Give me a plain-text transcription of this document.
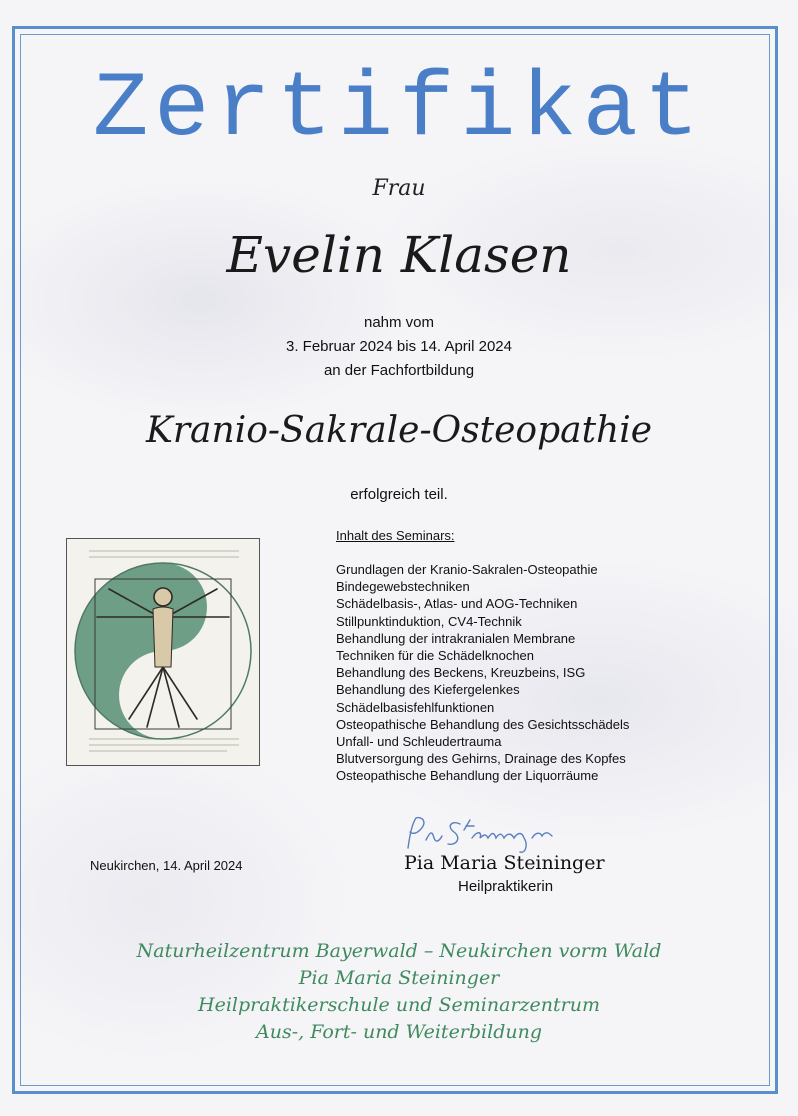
Zertifikat
Frau
Evelin Klasen
nahm vom
3. Februar 2024 bis 14. April 2024
an der Fachfortbildung
Kranio-Sakrale-Osteopathie
erfolgreich teil.
Inhalt des Seminars:
Grundlagen der Kranio-Sakralen-Osteopathie
Bindegewebstechniken
Schädelbasis-, Atlas- und AOG-Techniken
Stillpunktinduktion, CV4-Technik
Behandlung der intrakranialen Membrane
Techniken für die Schädelknochen
Behandlung des Beckens, Kreuzbeins, ISG
Behandlung des Kiefergelenkes
Schädelbasisfehlfunktionen
Osteopathische Behandlung des Gesichtsschädels
Unfall- und Schleudertrauma
Blutversorgung des Gehirns, Drainage des Kopfes
Osteopathische Behandlung der Liquorräume
Neukirchen, 14. April 2024	Pia Maria Steininger
Heilpraktikerin
Naturheilzentrum Bayerwald – Neukirchen vorm Wald
Pia Maria Steininger
Heilpraktikerschule und Seminarzentrum
Aus-, Fort- und Weiterbildung
